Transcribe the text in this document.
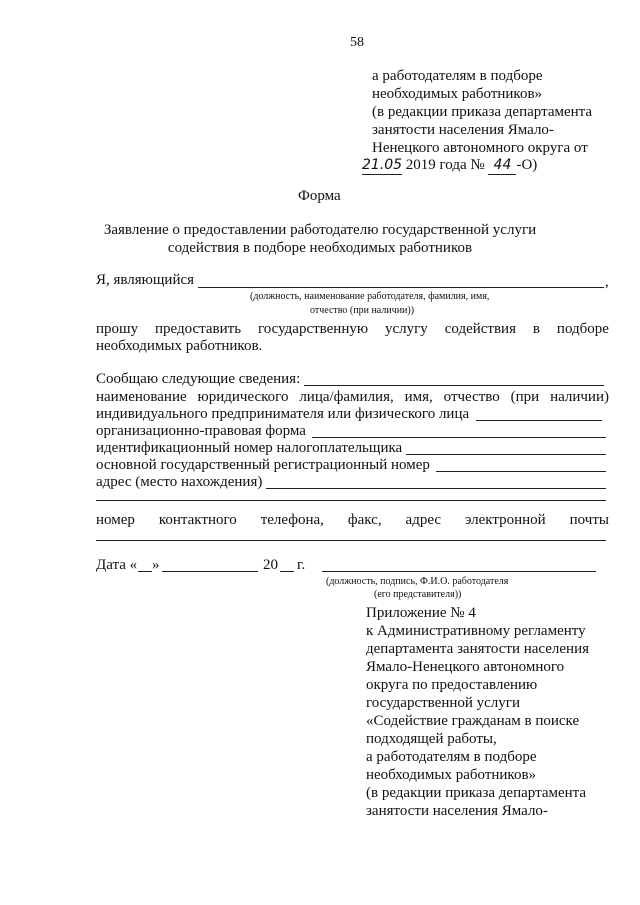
58
а работодателям в подборе
необходимых работников»
(в редакции приказа департамента
занятости населения Ямало-
Ненецкого автономного округа от
21.05 2019 года № 44 -О)
Форма
Заявление о предоставлении работодателю государственной услуги
содействия в подборе необходимых работников
Я, являющийся	,
(должность, наименование работодателя, фамилия, имя,
отчество (при наличии))
прошу предоставить государственную услугу содействия в подборе
необходимых работников.
Сообщаю следующие сведения:
наименование юридического лица/фамилия, имя, отчество (при наличии)
индивидуального предпринимателя или физического лица
организационно-правовая форма
идентификационный номер налогоплательщика
основной государственный регистрационный номер
адрес (место нахождения)
номер контактного телефона, факс, адрес электронной почты
Дата « »	20 г.
(должность, подпись, Ф.И.О. работодателя
(его представителя))
Приложение № 4
к Административному регламенту
департамента занятости населения
Ямало-Ненецкого автономного
округа по предоставлению
государственной услуги
«Содействие гражданам в поиске
подходящей работы,
а работодателям в подборе
необходимых работников»
(в редакции приказа департамента
занятости населения Ямало-
